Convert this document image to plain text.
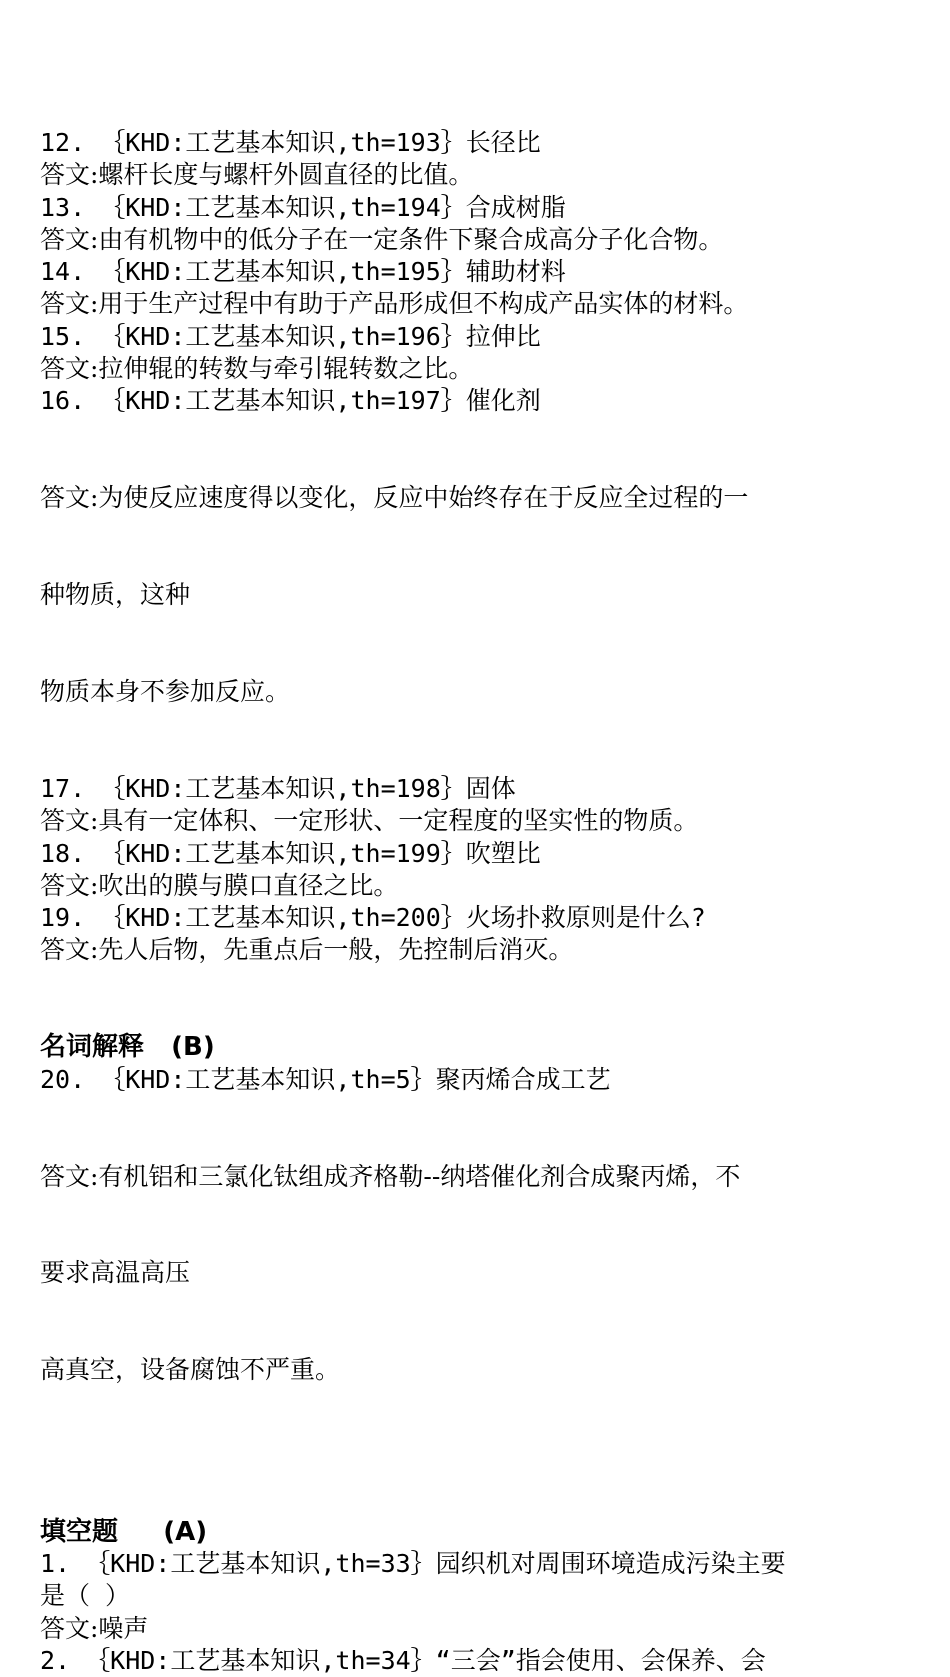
12. ｛KHD:工艺基本知识,th=193｝长径比
答文:螺杆长度与螺杆外圆直径的比值。
13. ｛KHD:工艺基本知识,th=194｝合成树脂
答文:由有机物中的低分子在一定条件下聚合成高分子化合物。
14. ｛KHD:工艺基本知识,th=195｝辅助材料
答文:用于生产过程中有助于产品形成但不构成产品实体的材料。
15. ｛KHD:工艺基本知识,th=196｝拉伸比
答文:拉伸辊的转数与牵引辊转数之比。
16. ｛KHD:工艺基本知识,th=197｝催化剂

答文:为使反应速度得以变化，反应中始终存在于反应全过程的一

种物质，这种

物质本身不参加反应。

17. ｛KHD:工艺基本知识,th=198｝固体
答文:具有一定体积、一定形状、一定程度的坚实性的物质。
18. ｛KHD:工艺基本知识,th=199｝吹塑比
答文:吹出的膜与膜口直径之比。
19. ｛KHD:工艺基本知识,th=200｝火场扑救原则是什么?
答文:先人后物，先重点后一般，先控制后消灭。
名词解释   (B)
20. ｛KHD:工艺基本知识,th=5｝聚丙烯合成工艺

答文:有机铝和三氯化钛组成齐格勒--纳塔催化剂合成聚丙烯，不

要求高温高压

高真空，设备腐蚀不严重。

填空题     (A)
1. ｛KHD:工艺基本知识,th=33｝园织机对周围环境造成污染主要
是（ ）
答文:噪声
2. ｛KHD:工艺基本知识,th=34｝“三会”指会使用、会保养、会
